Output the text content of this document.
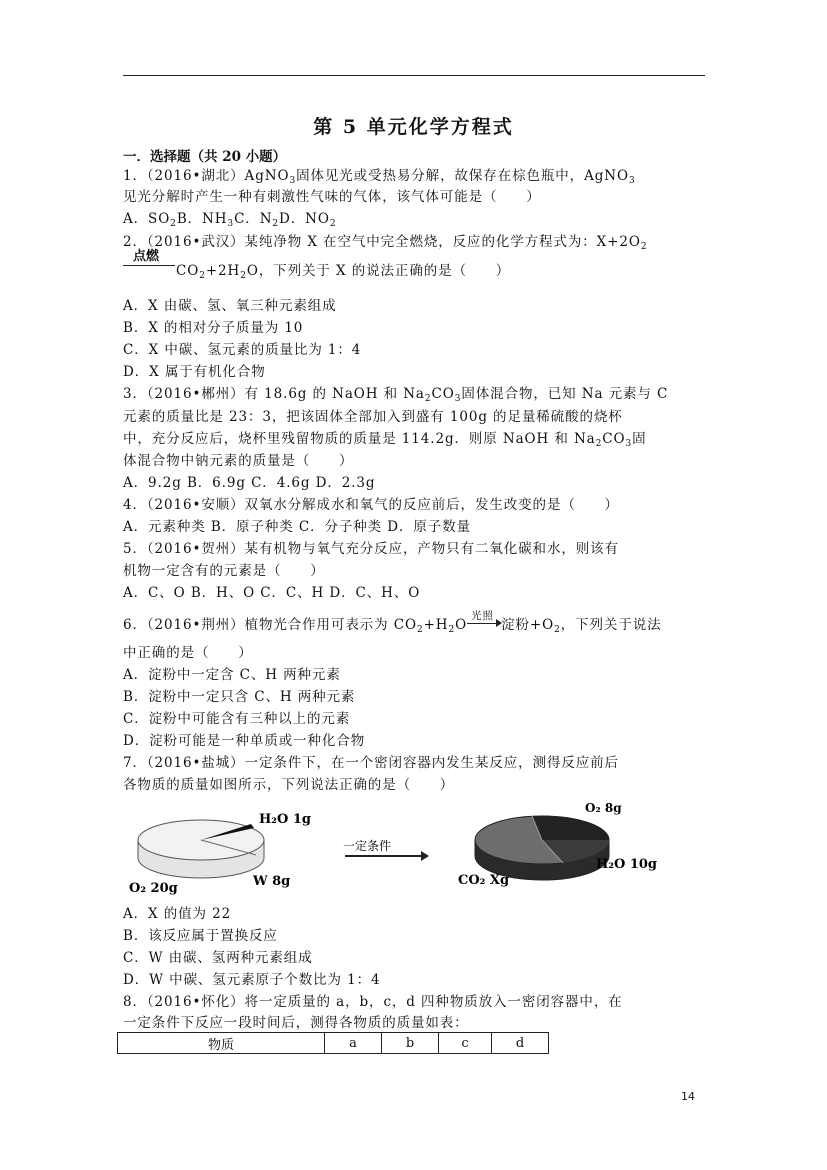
第 5 单元化学方程式
一．选择题（共 20 小题）
1．（2016•湖北）AgNO$_3$固体见光或受热易分解，故保存在棕色瓶中，AgNO$_3$
见光分解时产生一种有刺激性气味的气体，该气体可能是（　　）
A．$SO_2B$．$NH_3C$．$N_2D$．$NO_2$
2．（2016•武汉）某纯净物 X 在空气中完全燃烧，反应的化学方程式为：$X+2O_2$
点燃
$CO_2+2H_2O$，下列关于 X 的说法正确的是（　　）
A．X 由碳、氢、氧三种元素组成
B．X 的相对分子质量为 10
C．X 中碳、氢元素的质量比为 1：4
D．X 属于有机化合物
3．（2016•郴州）有 18.6g 的 NaOH 和 $Na_2CO_3$固体混合物，已知 Na 元素与 C
元素的质量比是 23：3，把该固体全部加入到盛有 100g 的足量稀硫酸的烧杯
中，充分反应后，烧杯里残留物质的质量是 114.2g．则原 NaOH 和 $Na_2CO_3$固
体混合物中钠元素的质量是（　　）
A．9.2g B．6.9g C．4.6g D．2.3g
4．（2016•安顺）双氧水分解成水和氧气的反应前后，发生改变的是（　　）
A．元素种类 B．原子种类 C．分子种类 D．原子数量
5．（2016•贺州）某有机物与氧气充分反应，产物只有二氧化碳和水，则该有
机物一定含有的元素是（　　）
A．C、O B．H、O C．C、H D．C、H、O
6．（2016•荆州）植物光合作用可表示为 $CO_2+H_2O$
光照
淀粉$+O_2$，下列关于说法
中正确的是（　　）
A．淀粉中一定含 C、H 两种元素
B．淀粉中一定只含 C、H 两种元素
C．淀粉中可能含有三种以上的元素
D．淀粉可能是一种单质或一种化合物
7．（2016•盐城）一定条件下，在一个密闭容器内发生某反应，测得反应前后
各物质的质量如图所示，下列说法正确的是（　　）
H₂O 1g
W 8g
O₂ 20g
一定条件
O₂ 8g
H₂O 10g
CO₂ Xg
A．X 的值为 22
B．该反应属于置换反应
C．W 由碳、氢两种元素组成
D．W 中碳、氢元素原子个数比为 1：4
8．（2016•怀化）将一定质量的 a，b，c，d 四种物质放入一密闭容器中，在
一定条件下反应一段时间后，测得各物质的质量如表：
物质	a	b	c	d
14
